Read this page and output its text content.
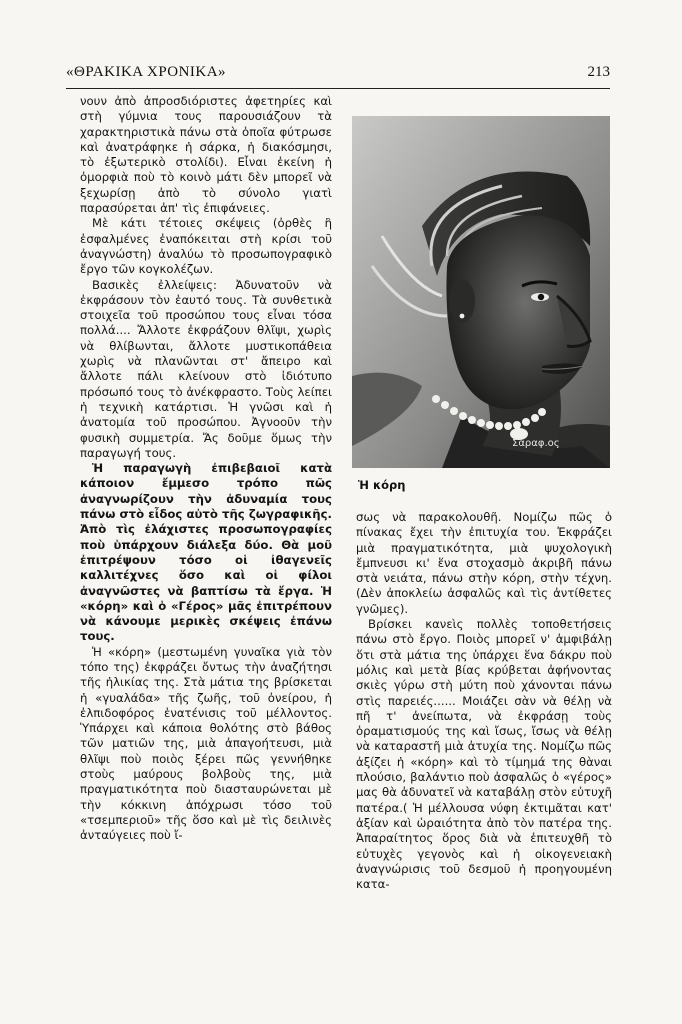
«ΘΡΑΚΙΚΑ ΧΡΟΝΙΚΑ»	213

νουν ἀπὸ ἀπροσδιόριστες ἀφετηρίες καὶ στὴ γύμνια τους παρουσιάζουν τὰ χαρακτηριστικὰ πάνω στὰ ὁποῖα φύτρωσε καὶ ἀνατράφηκε ἡ σάρκα, ἡ διακόσμησι, τὸ ἐξωτερικὸ στολίδι). Εἶναι ἐκείνη ἡ ὀμορφιὰ ποὺ τὸ κοινὸ μάτι δὲν μπορεῖ νὰ ξεχωρίσῃ ἀπὸ τὸ σύνολο γιατὶ παρασύρεται ἀπ' τὶς ἐπιφάνειες.

Μὲ κάτι τέτοιες σκέψεις (ὀρθὲς ἢ ἐσφαλμένες ἐναπόκειται στὴ κρίσι τοῦ ἀναγνώστη) ἀναλύω τὸ προσωπογραφικὸ ἔργο τῶν κογκολέζων.

Βασικὲς ἐλλείψεις: Ἀδυνατοῦν νὰ ἐκφράσουν τὸν ἑαυτό τους. Τὰ συνθετικὰ στοιχεῖα τοῦ προσώπου τους εἶναι τόσα πολλά.... Ἄλλοτε ἐκφράζουν θλῖψι, χωρὶς νὰ θλίβωνται, ἄλλοτε μυστικοπάθεια χωρὶς νὰ πλανῶνται στ' ἄπειρο καὶ ἄλλοτε πάλι κλείνουν στὸ ἰδιότυπο πρόσωπό τους τὸ ἀνέκφραστο. Τοὺς λείπει ἡ τεχνικὴ κατάρτισι. Ἡ γνῶσι καὶ ἡ ἀνατομία τοῦ προσώπου. Ἀγνοοῦν τὴν φυσικὴ συμμετρία. Ἄς δοῦμε ὅμως τὴν παραγωγή τους.

Ἡ παραγωγὴ ἐπιβεβαιοῖ κατὰ κάποιον ἔμμεσο τρόπο πῶς ἀναγνωρίζουν τὴν ἀδυναμία τους πάνω στὸ εἶδος αὐτὸ τῆς ζωγραφικῆς. Ἀπὸ τὶς ἐλάχιστες προσωπογραφίες ποὺ ὑπάρχουν διάλεξα δύο. Θὰ μοῦ ἐπιτρέψουν τόσο οἱ ἰθαγενεῖς καλλιτέχνες ὅσο καὶ οἱ φίλοι ἀναγνῶστες νὰ βαπτίσω τὰ ἔργα. Ἡ «κόρη» καὶ ὁ «Γέρος» μᾶς ἐπιτρέπουν νὰ κάνουμε μερικὲς σκέψεις ἐπάνω τους.

Ἡ «κόρη» (μεστωμένη γυναῖκα γιὰ τὸν τόπο της) ἐκφράζει ὄντως τὴν ἀναζήτησι τῆς ἡλικίας της. Στὰ μάτια της βρίσκεται ἡ «γυαλάδα» τῆς ζωῆς, τοῦ ὀνείρου, ἡ ἐλπιδοφόρος ἐνατένισις τοῦ μέλλοντος. Ὑπάρχει καὶ κάποια θολότης στὸ βάθος τῶν ματιῶν της, μιὰ ἀπαγοήτευσι, μιὰ θλῖψι ποὺ ποιὸς ξέρει πῶς γεννήθηκε στοὺς μαύρους βολβοὺς της, μιὰ πραγματικότητα ποὺ διασταυρώνεται μὲ τὴν κόκκινη ἀπόχρωσι τόσο τοῦ «τσεμπεριοῦ» τῆς ὅσο καὶ μὲ τὶς δειλινὲς ἀνταύγειες ποὺ ἴ-

Σαραφ.ος
Ἡ κόρη

σως νὰ παρακολουθῆ. Νομίζω πῶς ὁ πίνακας ἔχει τὴν ἐπιτυχία του. Ἐκφράζει μιὰ πραγματικότητα, μιὰ ψυχολογικὴ ἔμπνευσι κι' ἕνα στοχασμὸ ἀκριβῆ πάνω στὰ νειάτα, πάνω στὴν κόρη, στὴν τέχνη. (Δὲν ἀποκλείω ἀσφαλῶς καὶ τὶς ἀντίθετες γνῶμες).

Βρίσκει κανεὶς πολλὲς τοποθετήσεις πάνω στὸ ἔργο. Ποιὸς μπορεῖ ν' ἀμφιβάλῃ ὅτι στὰ μάτια της ὑπάρχει ἕνα δάκρυ ποὺ μόλις καὶ μετὰ βίας κρύβεται ἀφήνοντας σκιὲς γύρω στὴ μύτη ποὺ χάνονται πάνω στὶς παρειές...... Μοιάζει σὰν νὰ θέλῃ νὰ πῆ τ' ἀνείπωτα, νὰ ἐκφράσῃ τοὺς ὁραματισμούς της καὶ ἴσως, ἴσως νὰ θέλῃ νὰ καταραστῆ μιὰ ἀτυχία της. Νομίζω πῶς ἀξίζει ἡ «κόρη» καὶ τὸ τίμημά της θὰναι πλούσιο, βαλάντιο ποὺ ἀσφαλῶς ὁ «γέρος» μας θὰ ἀδυνατεῖ νὰ καταβάλῃ στὸν εὐτυχῆ πατέρα.( Ἡ μέλλουσα νύφη ἐκτιμᾶται κατ' ἀξίαν καὶ ὡραιότητα ἀπὸ τὸν πατέρα της. Ἀπαραίτητος ὅρος διὰ νὰ ἐπιτευχθῆ τὸ εὐτυχὲς γεγονὸς καὶ ἡ οἰκογενειακὴ ἀναγνώρισις τοῦ δεσμοῦ ἡ προηγουμένη κατα-
